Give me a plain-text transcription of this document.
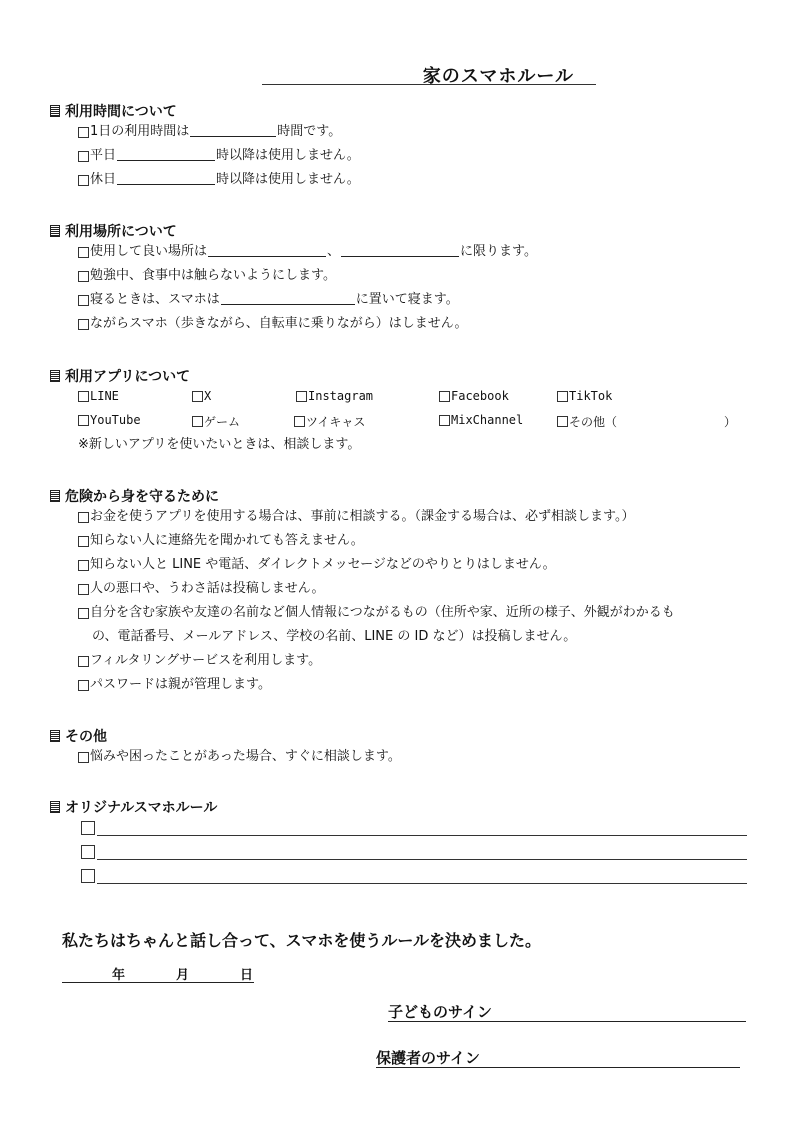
家のスマホルール
利用時間について
1日の利用時間は	時間です。
平日	時以降は使用しません。
休日	時以降は使用しません。
利用場所について
使用して良い場所は	、	に限ります。
勉強中、食事中は触らないようにします。
寝るときは、スマホは	に置いて寝ます。
ながらスマホ（歩きながら、自転車に乗りながら）はしません。
利用アプリについて
LINE	X	Instagram	Facebook	TikTok
YouTube	ゲーム	ツイキャス	MixChannel	その他（	）
※新しいアプリを使いたいときは、相談します。
危険から身を守るために
お金を使うアプリを使用する場合は、事前に相談する。（課金する場合は、必ず相談します。）
知らない人に連絡先を聞かれても答えません。
知らない人と LINE や電話、ダイレクトメッセージなどのやりとりはしません。
人の悪口や、うわさ話は投稿しません。
自分を含む家族や友達の名前など個人情報につながるもの（住所や家、近所の様子、外観がわかるも
の、電話番号、メールアドレス、学校の名前、LINE の ID など）は投稿しません。
フィルタリングサービスを利用します。
パスワードは親が管理します。
その他
悩みや困ったことがあった場合、すぐに相談します。
オリジナルスマホルール
私たちはちゃんと話し合って、スマホを使うルールを決めました。
年	月	日
子どものサイン
保護者のサイン
